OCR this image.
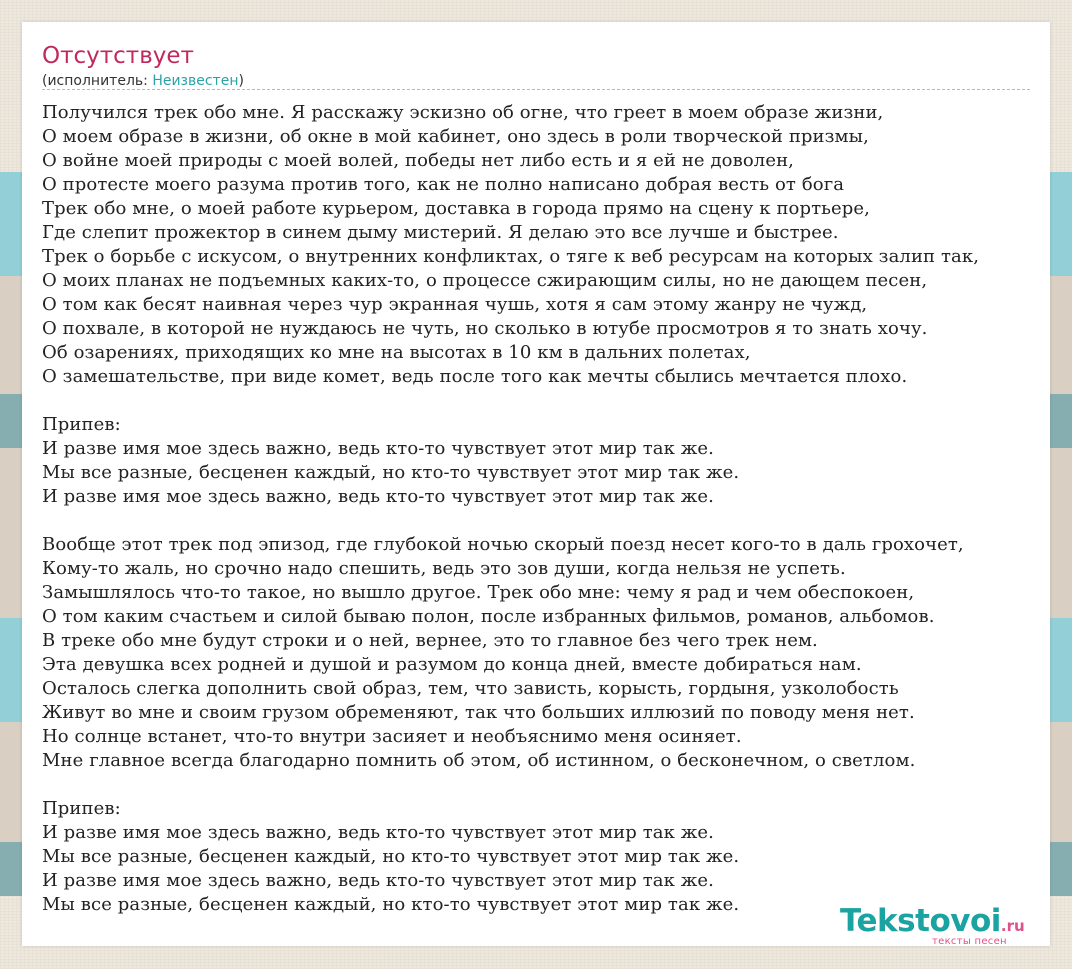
Отсутствует
(исполнитель: Неизвестен)
Получился трек обо мне. Я расскажу эскизно об огне, что греет в моем образе жизни,
О моем образе в жизни, об окне в мой кабинет, оно здесь в роли творческой призмы,
О войне моей природы с моей волей, победы нет либо есть и я ей не доволен,
О протесте моего разума против того, как не полно написано добрая весть от бога
Трек обо мне, о моей работе курьером, доставка в города прямо на сцену к портьере,
Где слепит прожектор в синем дыму мистерий. Я делаю это все лучше и быстрее.
Трек о борьбе с искусом, о внутренних конфликтах, о тяге к веб ресурсам на которых залип так,
О моих планах не подъемных каких-то, о процессе сжирающим силы, но не дающем песен,
О том как бесят наивная через чур экранная чушь, хотя я сам этому жанру не чужд,
О похвале, в которой не нуждаюсь не чуть, но сколько в ютубе просмотров я то знать хочу.
Об озарениях, приходящих ко мне на высотах в 10 км в дальних полетах,
О замешательстве, при виде комет, ведь после того как мечты сбылись мечтается плохо.
Припев:
И разве имя мое здесь важно, ведь кто-то чувствует этот мир так же.
Мы все разные, бесценен каждый, но кто-то чувствует этот мир так же.
И разве имя мое здесь важно, ведь кто-то чувствует этот мир так же.
Вообще этот трек под эпизод, где глубокой ночью скорый поезд несет кого-то в даль грохочет,
Кому-то жаль, но срочно надо спешить, ведь это зов души, когда нельзя не успеть.
Замышлялось что-то такое, но вышло другое. Трек обо мне: чему я рад и чем обеспокоен,
О том каким счастьем и силой бываю полон, после избранных фильмов, романов, альбомов.
В треке обо мне будут строки и о ней, вернее, это то главное без чего трек нем.
Эта девушка всех родней и душой и разумом до конца дней, вместе добираться нам.
Осталось слегка дополнить свой образ, тем, что зависть, корысть, гордыня, узколобость
Живут во мне и своим грузом обременяют, так что больших иллюзий по поводу меня нет.
Но солнце встанет, что-то внутри засияет и необъяснимо меня осиняет.
Мне главное всегда благодарно помнить об этом, об истинном, о бесконечном, о светлом.
Припев:
И разве имя мое здесь важно, ведь кто-то чувствует этот мир так же.
Мы все разные, бесценен каждый, но кто-то чувствует этот мир так же.
И разве имя мое здесь важно, ведь кто-то чувствует этот мир так же.
Мы все разные, бесценен каждый, но кто-то чувствует этот мир так же.	Tekstovoi.ru
тексты песен
